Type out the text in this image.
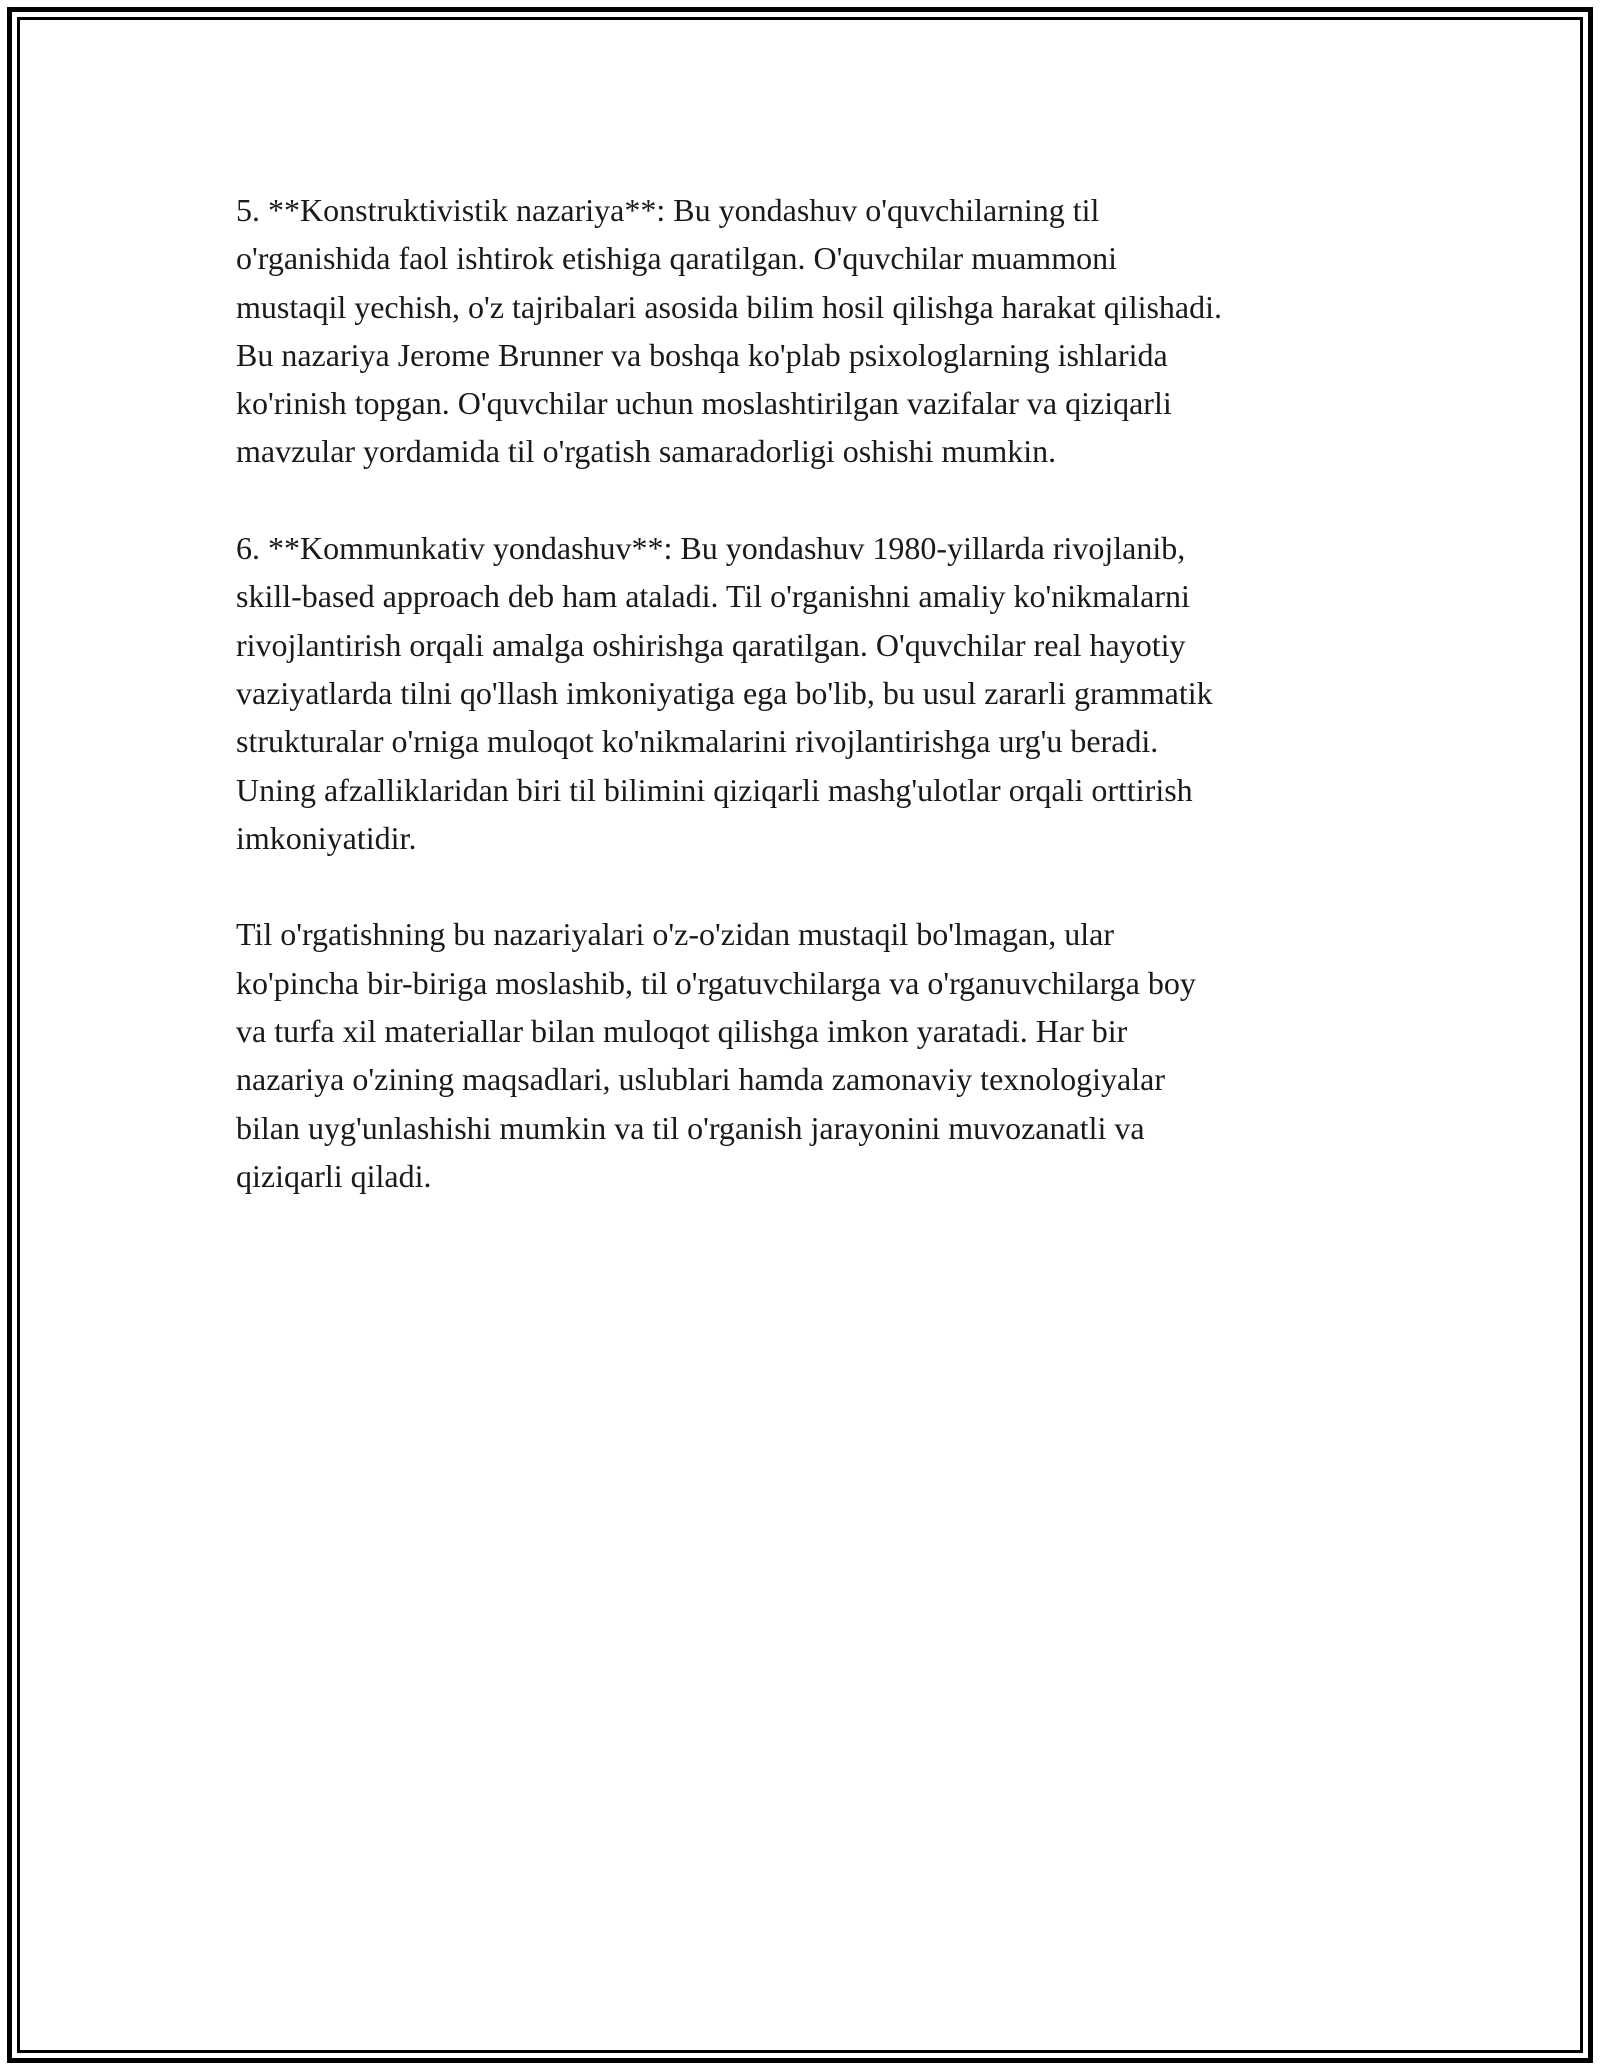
5. **Konstruktivistik nazariya**: Bu yondashuv o'quvchilarning til
o'rganishida faol ishtirok etishiga qaratilgan. O'quvchilar muammoni
mustaqil yechish, o'z tajribalari asosida bilim hosil qilishga harakat qilishadi.
Bu nazariya Jerome Brunner va boshqa ko'plab psixologlarning ishlarida
ko'rinish topgan. O'quvchilar uchun moslashtirilgan vazifalar va qiziqarli
mavzular yordamida til o'rgatish samaradorligi oshishi mumkin.

6. **Kommunkativ yondashuv**: Bu yondashuv 1980-yillarda rivojlanib,
skill-based approach deb ham ataladi. Til o'rganishni amaliy ko'nikmalarni
rivojlantirish orqali amalga oshirishga qaratilgan. O'quvchilar real hayotiy
vaziyatlarda tilni qo'llash imkoniyatiga ega bo'lib, bu usul zararli grammatik
strukturalar o'rniga muloqot ko'nikmalarini rivojlantirishga urg'u beradi.
Uning afzalliklaridan biri til bilimini qiziqarli mashg'ulotlar orqali orttirish
imkoniyatidir.

Til o'rgatishning bu nazariyalari o'z-o'zidan mustaqil bo'lmagan, ular
ko'pincha bir-biriga moslashib, til o'rgatuvchilarga va o'rganuvchilarga boy
va turfa xil materiallar bilan muloqot qilishga imkon yaratadi. Har bir
nazariya o'zining maqsadlari, uslublari hamda zamonaviy texnologiyalar
bilan uyg'unlashishi mumkin va til o'rganish jarayonini muvozanatli va
qiziqarli qiladi.
